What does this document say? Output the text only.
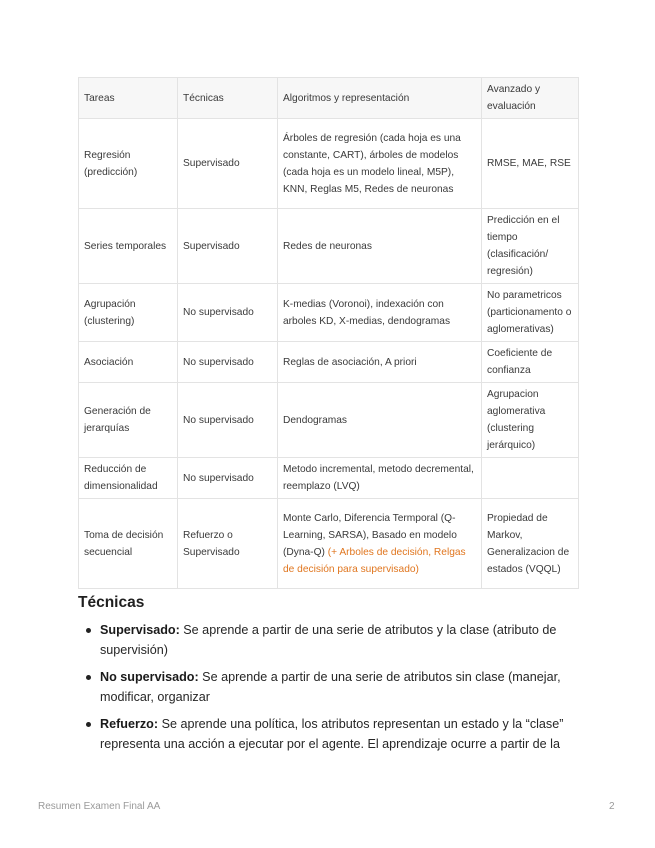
Tareas	Técnicas	Algoritmos y representación	Avanzado y evaluación
Regresión (predicción)	Supervisado	Árboles de regresión (cada hoja es una constante, CART), árboles de modelos (cada hoja es un modelo lineal, M5P), KNN, Reglas M5, Redes de neuronas	RMSE, MAE, RSE
Series temporales	Supervisado	Redes de neuronas	Predicción en el tiempo (clasificación/ regresión)
Agrupación (clustering)	No supervisado	K-medias (Voronoi), indexación con arboles KD, X-medias, dendogramas	No parametricos (particionamento o aglomerativas)
Asociación	No supervisado	Reglas de asociación, A priori	Coeficiente de confianza
Generación de jerarquías	No supervisado	Dendogramas	Agrupacion aglomerativa (clustering jerárquico)
Reducción de dimensionalidad	No supervisado	Metodo incremental, metodo decremental, reemplazo (LVQ)	
Toma de decisión secuencial	Refuerzo o Supervisado	Monte Carlo, Diferencia Termporal (Q-Learning, SARSA), Basado en modelo (Dyna-Q) (+ Arboles de decisión, Relgas de decisión para supervisado)	Propiedad de Markov, Generalizacion de estados (VQQL)
Técnicas
Supervisado: Se aprende a partir de una serie de atributos y la clase (atributo de supervisión)
No supervisado: Se aprende a partir de una serie de atributos sin clase (manejar, modificar, organizar
Refuerzo: Se aprende una política, los atributos representan un estado y la “clase” representa una acción a ejecutar por el agente. El aprendizaje ocurre a partir de la
Resumen Examen Final AA	2
